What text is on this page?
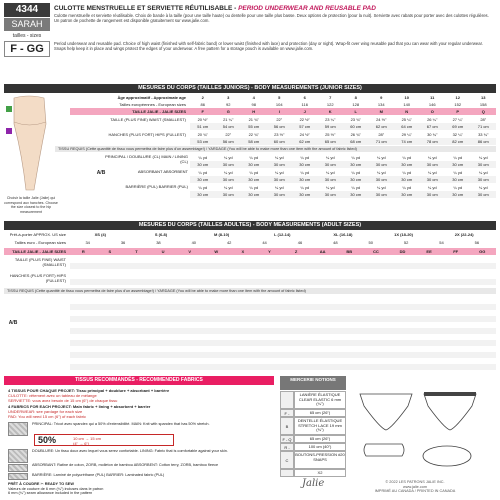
4344
SARAH
tailles - sizes
F - GG
CULOTTE MENSTRUELLE ET SERVIETTE RÉUTILISABLE - PERIOD UNDERWEAR AND REUSABLE PAD
Culotte menstruelle et serviette réutilisable. Choix de bande à la taille (pour une taille haute) ou dentelle pour une taille plus basse. Deux options de protection (pour la nuit). Serviette avec rabats pour porter avec des culottes régulières. Un patron de pochette de rangement est disponible gratuitement sur www.jalie.com.
Period underwear and reusable pad. Choice of high waist (finished with self-fabric band) or lower waist (finished with lace) and protection (day or night). Wrap-fit over wing reusable pad that you can wear with your regular underwear. Snaps help keep it in place and wings protect the edges of your underwear. A free pattern for a storage pouch is available on www.jalie.com.
MESURES DU CORPS (TAILLES JUNIORS) - BODY MEASUREMENTS (JUNIOR SIZES)
Choisir la taille Jalie (Jalie) qui correspond aux hanches. Choose the size closest to the hip measurement
Âge approximatif - Approximate age	2	3	4	5	6	7	8	9	10	11	12	13
Tailles européennes - European sizes	86	92	98	104	116	122	128	134	140	146	152	158
TAILLE JALIE - JALIE SIZES	F	G	H	I	J	K	L	M	N	O	P	Q
TAILLE (PLUS FINE) WAIST (SMALLEST)	20 ½"	21 ¼"	21 ¾"	22"	22 ½"	23 ¼"	23 ¾"	24 ½"	25 ¼"	26 ¼"	27 ¼"	28"
51 cm	54 cm	55 cm	56 cm	57 cm	59 cm	60 cm	62 cm	64 cm	67 cm	69 cm	71 cm
HANCHES (PLUS FORT) HIPS (FULLEST)	20 ¾"	22"	22 ¾"	23 ½"	24 ½"	25 ½"	26 ¾"	28"	29 ¼"	30 ¾"	32 ¼"	33 ¾"
53 cm	56 cm	58 cm	60 cm	62 cm	65 cm	68 cm	71 cm	74 cm	78 cm	82 cm	86 cm
TISSU REQUIS (Cette quantité de tissu vous permettra de faire plus d'un assemblage!) / YARDAGE (You will be able to make more than one item with the amount of fabric listed)
A/B
PRINCIPAL / DOUBLURE (CL) MAIN / LINING (CL)
¼ yd	¼ yd	¼ yd	¼ yd	¼ yd	¼ yd	¼ yd	¼ yd	¼ yd	¼ yd	¼ yd	¼ yd
30 cm	30 cm	30 cm	30 cm	30 cm	30 cm	30 cm	30 cm	30 cm	30 cm	30 cm	30 cm
ABSORBANT ABSORBENT	¼ yd	¼ yd	¼ yd	¼ yd	¼ yd	¼ yd	¼ yd	¼ yd	¼ yd	¼ yd	¼ yd	¼ yd
30 cm	30 cm	30 cm	30 cm	30 cm	30 cm	30 cm	30 cm	30 cm	30 cm	30 cm	30 cm
BARRIÈRE (PUL) BARRIER (PUL)	¼ yd	¼ yd	¼ yd	¼ yd	¼ yd	¼ yd	¼ yd	¼ yd	¼ yd	¼ yd	¼ yd	¼ yd
30 cm	30 cm	30 cm	30 cm	30 cm	30 cm	30 cm	30 cm	30 cm	30 cm	30 cm	30 cm
MESURES DU CORPS (TAILLES ADULTES) - BODY MEASUREMENTS (ADULT SIZES)
Prêt-à-porter APPROX. US size	XS (4)	S (6-8)	M (8-10)	L (12-14)	XL (16-18)	1X (18-20)	2X (22-24)
Tailles euro - European sizes	34	36	38	40	42	44	46	48	50	52	54	56
TAILLE JALIE - JALIE SIZES	R	S	T	U	V	W	X	Y	Z	AA	BB	CC	DD	EE	FF	GG
TAILLE (PLUS FINE) WAIST (SMALLEST)
HANCHES (PLUS FORT) HIPS (FULLEST)
TISSU REQUIS (Cette quantité de tissu vous permettra de faire plus d'un assemblage!) / YARDAGE (You will be able to make more than one item with the amount of fabric listed)
A/B
TISSUS RECOMMANDÉS - RECOMMENDED FABRICS
4 TISSUS POUR CHAQUE PROJET: Tissu principal + doublure + absorbant + barrière
CULOTTE: vêtement avec un tableau de mélange
SERVIETTE: vous avez besoin de 15 cm (6") de chaque tissu
4 FABRICS FOR EACH PROJECT: Main fabric + lining + absorbent + barrier
UNDERWEAR: see yardage for each size
PAD: You will need 15 cm (6") of each fabric
PRINCIPAL: Tricot avec spandex qui a 50% d'extensibilité. MAIN: Knit with spandex that has 50% stretch.
50%	10 cm → 15 cm
(4" → 6")
DOUBLURE: Un tissu doux avec lequel vous serez confortable. LINING: Fabric that is comfortable against your skin.
ABSORBANT: Ratine de coton, ZORB, molleton de bambou ABSORBENT: Cotton terry, ZORB, bamboo fleece
BARRIÈRE: Laminé de polyuréthane (PUL) BARRIER: Laminated fabric (PUL)
MERCERIE NOTIONS
LANIÈRE ÉLASTIQUE CLEAR ELASTIC 6 mm (¼")
F -	65 cm (26")
B
DENTELLE ÉLASTIQUE STRETCH LACE 19 mm (¾")
F - Q	65 cm (26")
R -	100 cm (40")
C
BOUTONS-PRESSION #20 SNAPS
X2
PRÊT À COUDRE ✂ READY TO SEW
Valeurs de couture de 6 mm (¼") incluses dans le patron
6 mm (¼") seam allowance included in the pattern
Jalie	© 2022 LES PATRONS JALIE INC.
www.jalie.com
IMPRIMÉ AU CANADA / PRINTED IN CANADA
